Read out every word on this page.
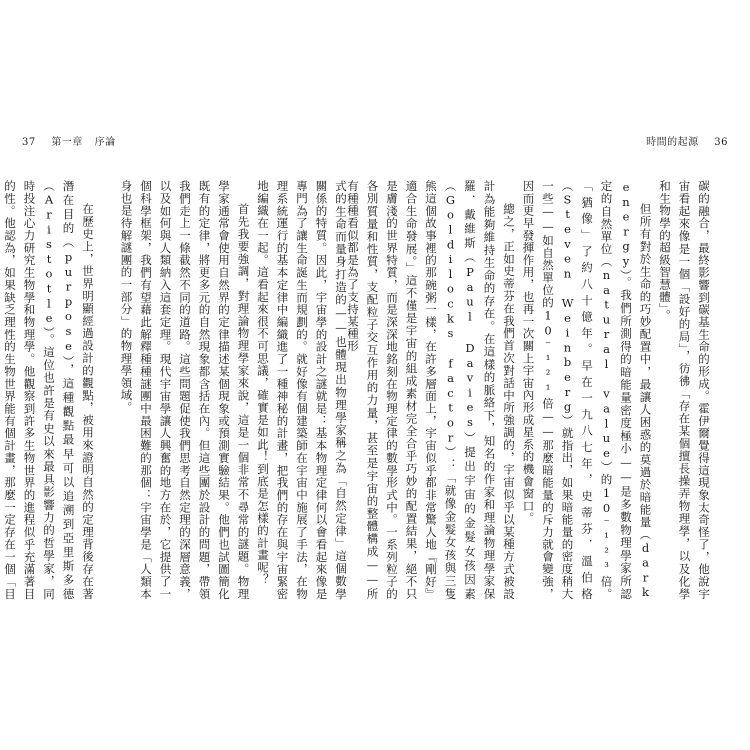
37 第一章 序論	時間的起源 36

式的生命而量身打造的——也體現出物理學家稱之為「自然定律」這個數學關係的特質。因此，宇宙學的設計之謎就是：基本物理定律何以會看起來像是專門為了讓生命誕生而規劃的。就好像有個建築師在宇宙中施展了手法，在物理系統運行的基本定律中編織進了一種神秘的計畫，把我們的存在與宇宙緊密地編織在一起。這看起來很不可思議，確實是如此！到底是怎樣的計畫呢？

首先我要強調，對理論物理學家來說，這是一個非常不尋常的謎題。物理學家通常會使用自然界的定律描述某個現象或預測實驗結果。他們也試圖簡化既有的定律，將更多元的自然現象都含括在內。但這些團於設計的問題，帶領我們走上一條截然不同的道路。這些問題促使我們思考自然定理的深層意義，以及如何與人類納入這套定理。現代宇宙學讓人興奮的地方在於，它提供了一個科學框架，我們有望藉此解釋種種謎團中最困難的那個：宇宙學是「人類本身也是待解謎團的一部分」的物理學領域。

在歷史上，世界明顯經過設計的觀點，被用來證明自然的定理背後存在著潛在目的（purpose），這種觀點最早可以追溯到亞里斯多德（Aristotle）。這位也許是有史以來最具影響力的哲學家，同時投注心力研究生物學和物理學。他觀察到許多生物世界的進程似乎充滿著目的性。他認為，如果缺乏理性的生物世界能有個計畫，那麼一定存在一個「目	碳的融合，最終影響到碳基生命的形成。霍伊爾覺得這現象太奇怪了，他說宇宙看起來像是一個「設好的局」，彷彿「存在某個擅長操弄物理學，以及化學和生物學的超級智慧體」。

但所有對於生命的巧妙配置中，最讓人困惑的莫過於暗能量（dark energy）。我們所測得的暗能量密度極小——是多數物理學家所認定的自然單位（natural value）的10⁻¹²³倍。「猶像」了約八十億年。早在一九八七年，史蒂芬．溫伯格（Steven Weinberg）就指出，如果暗能量的密度稍大一些——如自然單位的10⁻¹²¹倍——那麼暗能量的斥力就會變強，因而更早發揮作用，也再一次關上宇宙內形成星系的機會窗口。

總之，正如史蒂芬在我們首次對話中所強調的，宇宙似乎以某種方式被設計為能夠維持生命的存在。在這樣的脈絡下，知名的作家和理論物理學家保羅．戴維斯（Paul Davies）提出宇宙的金髮女孩因素（Goldilocks factor）：「就像金髮女孩與三隻熊這個故事裡的那碗粥一樣，在許多層面上，宇宙似乎都非常驚人地『剛好』適合生命發展。」這不僅是宇宙的組成素材完全合乎巧妙的配置結果，絕不只是膚淺的世界特質，而是深深地銘刻在物理定律的數學形式中。一系列粒子的各別質量和性質，支配粒子交互作用的力量，甚至是宇宙的整體構成——所有種種看似都是為了支持某種形
